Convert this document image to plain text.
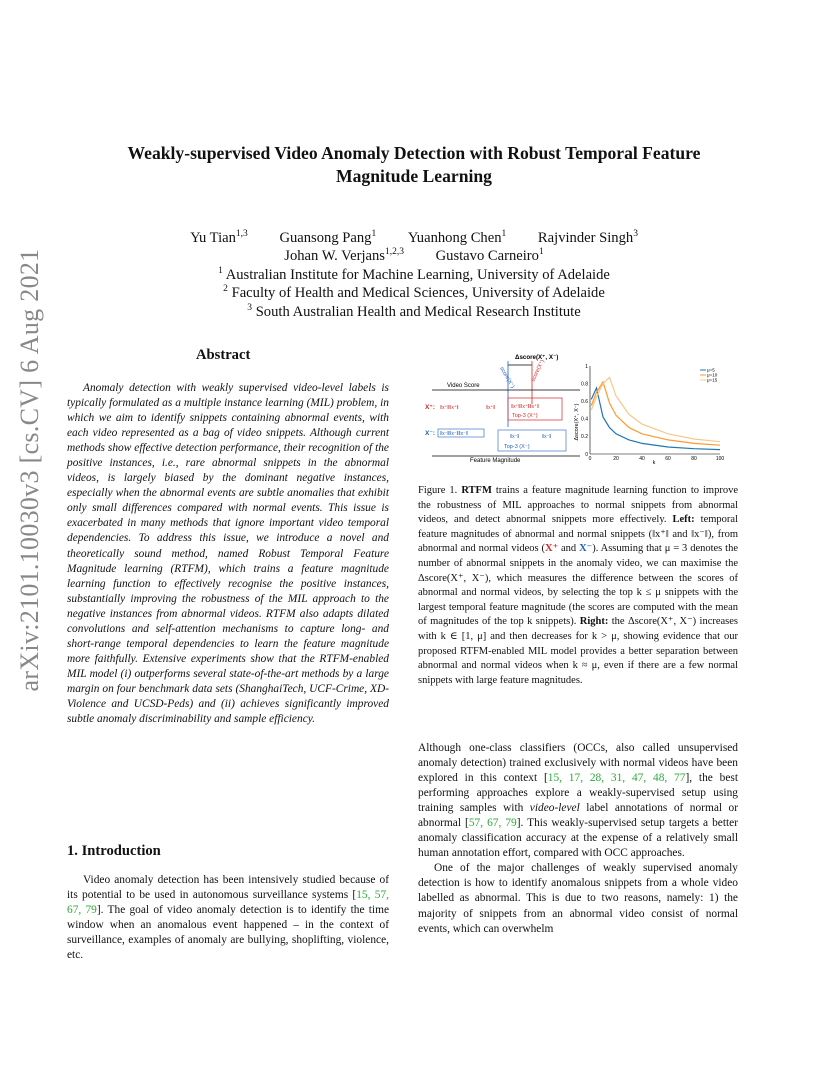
arXiv:2101.10030v3 [cs.CV] 6 Aug 2021
Weakly-supervised Video Anomaly Detection with Robust Temporal Feature
Magnitude Learning
Yu Tian$^{1,3}$ Guansong Pang$^1$ Yuanhong Chen$^1$ Rajvinder Singh$^3$
Johan W. Verjans$^{1,2,3}$ Gustavo Carneiro$^1$
$^1$ Australian Institute for Machine Learning, University of Adelaide
$^2$ Faculty of Health and Medical Sciences, University of Adelaide
$^3$ South Australian Health and Medical Research Institute
Abstract
Anomaly detection with weakly supervised video-level labels is typically formulated as a multiple instance learning (MIL) problem, in which we aim to identify snippets containing abnormal events, with each video represented as a bag of video snippets. Although current methods show effective detection performance, their recognition of the positive instances, i.e., rare abnormal snippets in the abnormal videos, is largely biased by the dominant negative instances, especially when the abnormal events are subtle anomalies that exhibit only small differences compared with normal events. This issue is exacerbated in many methods that ignore important video temporal dependencies. To address this issue, we introduce a novel and theoretically sound method, named Robust Temporal Feature Magnitude learning (RTFM), which trains a feature magnitude learning function to effectively recognise the positive instances, substantially improving the robustness of the MIL approach to the negative instances from abnormal videos. RTFM also adapts dilated convolutions and self-attention mechanisms to capture long- and short-range temporal dependencies to learn the feature magnitude more faithfully. Extensive experiments show that the RTFM-enabled MIL model (i) outperforms several state-of-the-art methods by a large margin on four benchmark data sets (ShanghaiTech, UCF-Crime, XD-Violence and UCSD-Peds) and (ii) achieves significantly improved subtle anomaly discriminability and sample efficiency.
1. Introduction
Video anomaly detection has been intensively studied because of its potential to be used in autonomous surveillance systems [15, 57, 67, 79]. The goal of video anomaly detection is to identify the time window when an anomalous event happened – in the context of surveillance, examples of anomaly are bullying, shoplifting, violence, etc.
Δscore(X⁺, X⁻)
score(X⁻)	score(X⁺)
Video Score
X⁺: ‖x⁺‖‖x⁺‖	‖x⁺‖	‖x⁺‖‖x⁺‖‖x⁺‖
Top-3 (X⁺)
X⁻: ‖x⁻‖‖x⁻‖‖x⁻‖	‖x⁻‖	‖x⁻‖
Top-3 (X⁻)
Feature Magnitude
Δscore(X⁺, X⁻)
k
0	20	40	60	80	100
0
0.2
0.4
0.6
0.8
1
μ=5
μ=10
μ=15
Figure 1. RTFM trains a feature magnitude learning function to improve the robustness of MIL approaches to normal snippets from abnormal videos, and detect abnormal snippets more effectively. Left: temporal feature magnitudes of abnormal and normal snippets (‖x⁺‖ and ‖x⁻‖), from abnormal and normal videos (X⁺ and X⁻). Assuming that μ = 3 denotes the number of abnormal snippets in the anomaly video, we can maximise the Δscore(X⁺, X⁻), which measures the difference between the scores of abnormal and normal videos, by selecting the top k ≤ μ snippets with the largest temporal feature magnitude (the scores are computed with the mean of magnitudes of the top k snippets). Right: the Δscore(X⁺, X⁻) increases with k ∈ [1, μ] and then decreases for k > μ, showing evidence that our proposed RTFM-enabled MIL model provides a better separation between abnormal and normal videos when k ≈ μ, even if there are a few normal snippets with large feature magnitudes.

Although one-class classifiers (OCCs, also called unsupervised anomaly detection) trained exclusively with normal videos have been explored in this context [15, 17, 28, 31, 47, 48, 77], the best performing approaches explore a weakly-supervised setup using training samples with video-level label annotations of normal or abnormal [57, 67, 79]. This weakly-supervised setup targets a better anomaly classification accuracy at the expense of a relatively small human annotation effort, compared with OCC approaches.

One of the major challenges of weakly supervised anomaly detection is how to identify anomalous snippets from a whole video labelled as abnormal. This is due to two reasons, namely: 1) the majority of snippets from an abnormal video consist of normal events, which can overwhelm
